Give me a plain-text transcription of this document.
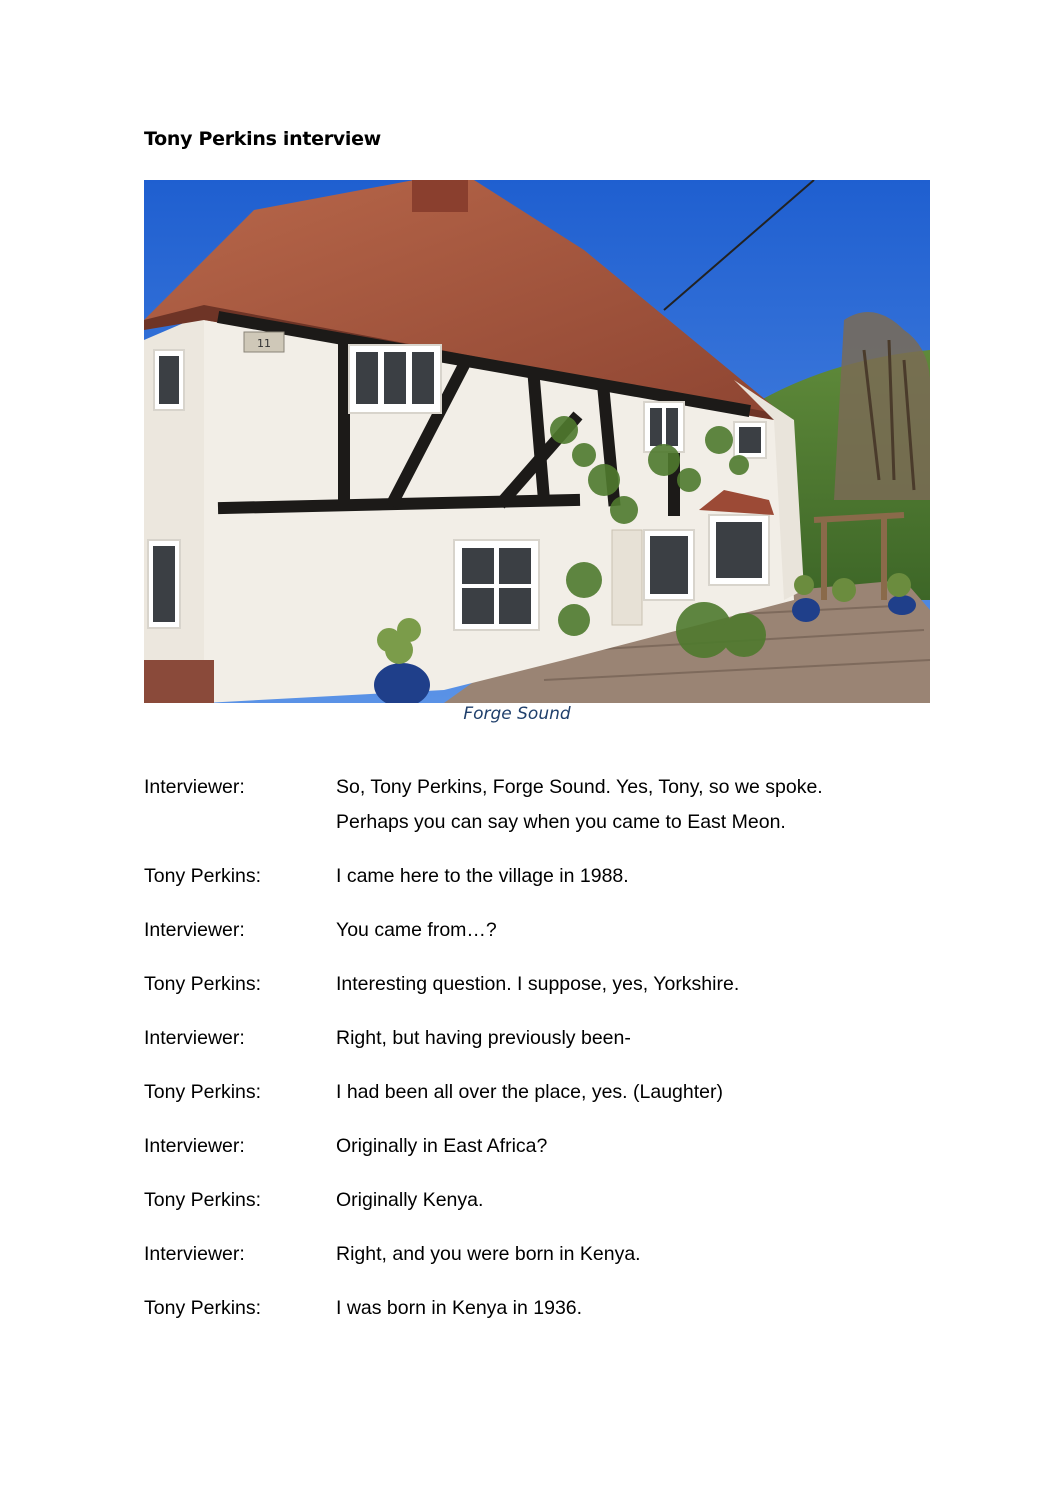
Tony Perkins interview
11
Forge Sound
Interviewer:	So, Tony Perkins, Forge Sound. Yes, Tony, so we spoke.
Perhaps you can say when you came to East Meon.
Tony Perkins:	I came here to the village in 1988.
Interviewer:	You came from…?
Tony Perkins:	Interesting question. I suppose, yes, Yorkshire.
Interviewer:	Right, but having previously been-
Tony Perkins:	I had been all over the place, yes. (Laughter)
Interviewer:	Originally in East Africa?
Tony Perkins:	Originally Kenya.
Interviewer:	Right, and you were born in Kenya.
Tony Perkins:	I was born in Kenya in 1936.
